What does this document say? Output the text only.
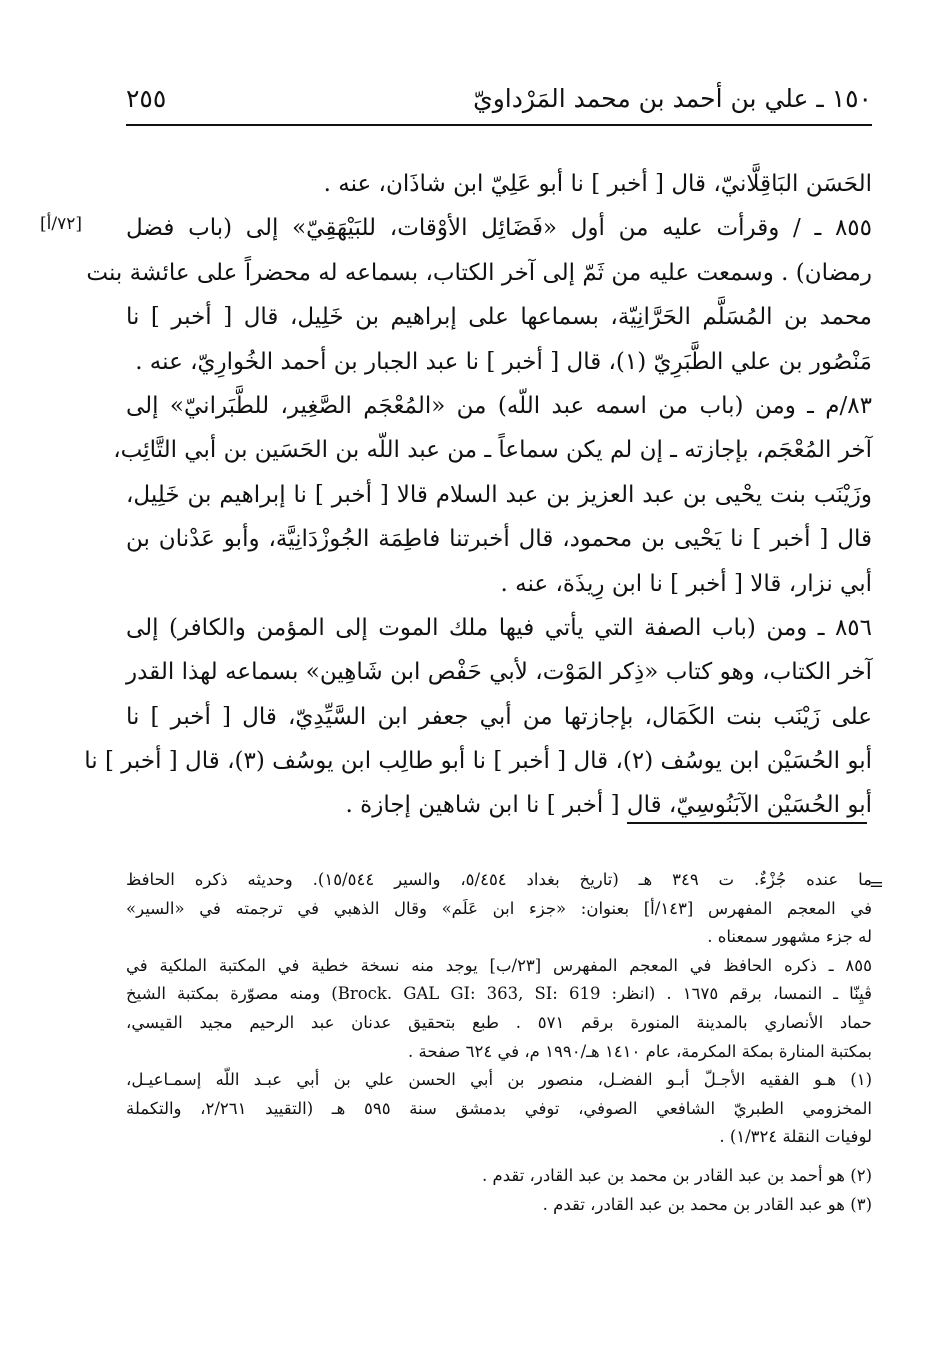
١٥٠ ـ علي بن أحمد بن محمد المَرْداويّ
٢٥٥
[٧٢/أ]
الحَسَن البَاقِلَّانيّ، قال [ أخبر ] نا أبو عَلِيّ ابن شاذَان، عنه .
٨٥٥ ـ / وقرأت عليه من أول «فَضَائِل الأوْقات، للبَيْهَقِيّ» إلى (باب فضل
رمضان) . وسمعت عليه من ثَمّ إلى آخر الكتاب، بسماعه له محضراً على عائشة بنت
محمد بن المُسَلَّم الحَرَّانِيّة، بسماعها على إبراهيم بن خَلِيل، قال [ أخبر ] نا
مَنْصُور بن علي الطَّبَرِيّ (١)، قال [ أخبر ] نا عبد الجبار بن أحمد الخُوارِيّ، عنه .
٨٣/م ـ ومن (باب من اسمه عبد اللّه) من «المُعْجَم الصَّغِير، للطَّبَرانيّ» إلى
آخر المُعْجَم، بإجازته ـ إن لم يكن سماعاً ـ من عبد اللّه بن الحَسَين بن أبي التَّائِب،
وزَيْنَب بنت يحْيى بن عبد العزيز بن عبد السلام قالا [ أخبر ] نا إبراهيم بن خَلِيل،
قال [ أخبر ] نا يَحْيى بن محمود، قال أخبرتنا فاطِمَة الجُوزْدَانِيَّة، وأبو عَدْنان بن
أبي نزار، قالا [ أخبر ] نا ابن رِيذَة، عنه .
٨٥٦ ـ ومن (باب الصفة التي يأتي فيها ملك الموت إلى المؤمن والكافر) إلى
آخر الكتاب، وهو كتاب «ذِكر المَوْت، لأبي حَفْص ابن شَاهِين» بسماعه لهذا القدر
على زَيْنَب بنت الكَمَال، بإجازتها من أبي جعفر ابن السَّيِّدِيّ، قال [ أخبر ] نا
أبو الحُسَيْن ابن يوسُف (٢)، قال [ أخبر ] نا أبو طالِب ابن يوسُف (٣)، قال [ أخبر ] نا
أبو الحُسَيْن الآبَنُوسِيّ، قال [ أخبر ] نا ابن شاهين إجازة .
=
ما عنده جُزْءٌ. ت ٣٤٩ هـ (تاريخ بغداد ٥/٤٥٤، والسير ١٥/٥٤٤). وحديثه ذكره الحافظ
في المعجم المفهرس [١٤٣/أ] بعنوان: «جزء ابن عَلَم» وقال الذهبي في ترجمته في «السير»
له جزء مشهور سمعناه .
٨٥٥ ـ ذكره الحافظ في المعجم المفهرس [٢٣/ب] يوجد منه نسخة خطية في المكتبة الملكية في
ڤيِنّا ـ النمسا، برقم ١٦٧٥ . (انظر: Brock. GAL GI: 363, SI: 619) ومنه مصوّرة بمكتبة الشيخ
حماد الأنصاري بالمدينة المنورة برقم ٥٧١ . طبع بتحقيق عدنان عبد الرحيم مجيد القيسي،
بمكتبة المنارة بمكة المكرمة، عام ١٤١٠ هـ/١٩٩٠ م، في ٦٢٤ صفحة .
(١) هـو الفقيه الأجـلّ أبـو الفضـل، منصور بن أبي الحسن علي بن أبي عبـد اللّه إسمـاعيـل،
المخزومي الطبريّ الشافعي الصوفي، توفي بدمشق سنة ٥٩٥ هـ (التقييد ٢/٢٦١، والتكملة
لوفيات النقلة ١/٣٢٤) .
(٢) هو أحمد بن عبد القادر بن محمد بن عبد القادر، تقدم .
(٣) هو عبد القادر بن محمد بن عبد القادر، تقدم .
